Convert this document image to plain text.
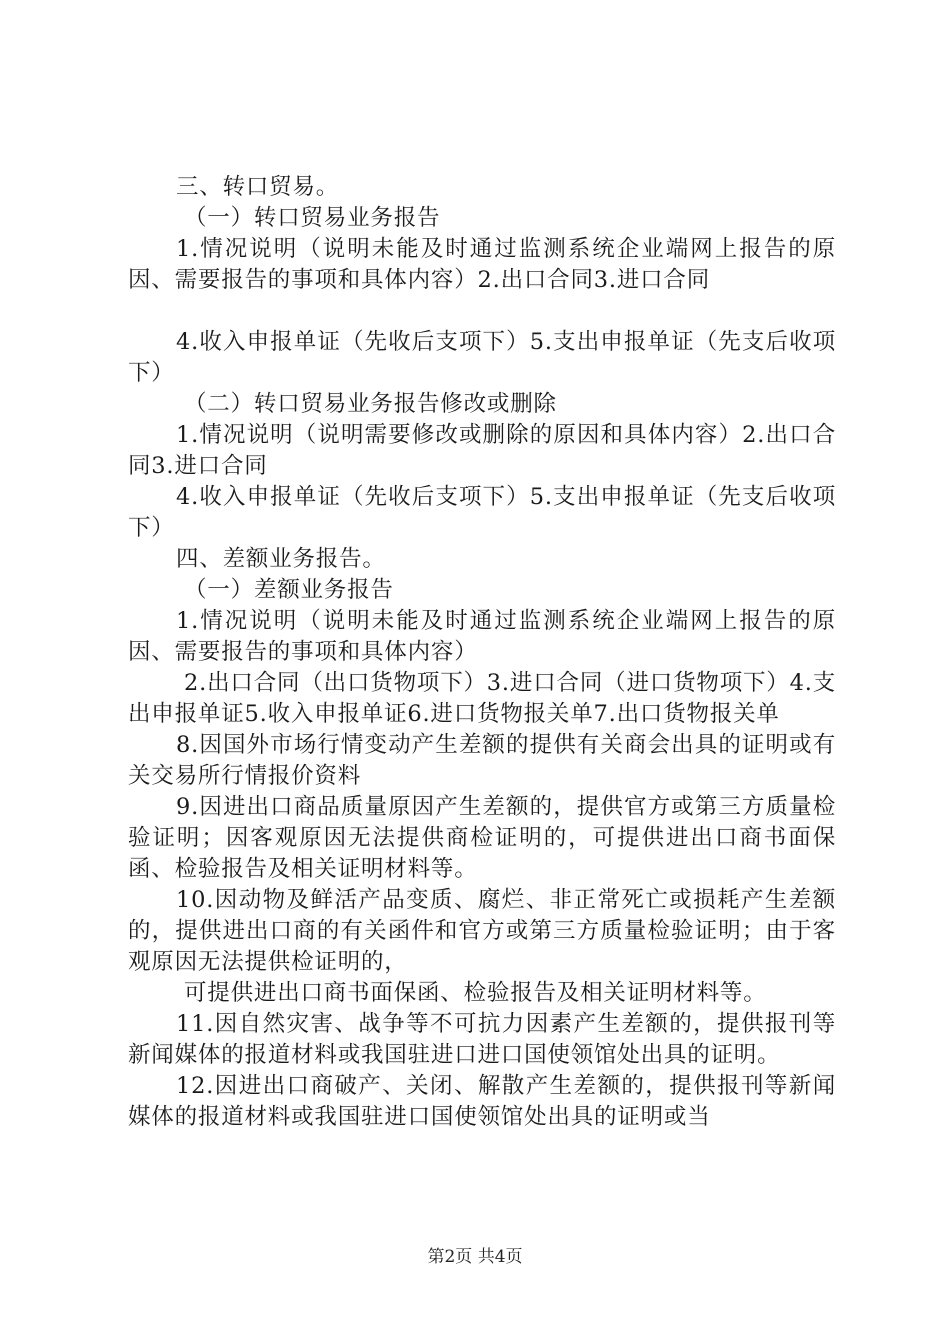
三、转口贸易。

（一）转口贸易业务报告

1.情况说明（说明未能及时通过监测系统企业端网上报告的原因、需要报告的事项和具体内容）2.出口合同3.进口合同

4.收入申报单证（先收后支项下）5.支出申报单证（先支后收项下）

（二）转口贸易业务报告修改或删除

1.情况说明（说明需要修改或删除的原因和具体内容）2.出口合同3.进口合同

4.收入申报单证（先收后支项下）5.支出申报单证（先支后收项下）

四、差额业务报告。

（一）差额业务报告

1.情况说明（说明未能及时通过监测系统企业端网上报告的原因、需要报告的事项和具体内容）

2.出口合同（出口货物项下）3.进口合同（进口货物项下）4.支出申报单证5.收入申报单证6.进口货物报关单7.出口货物报关单

8.因国外市场行情变动产生差额的提供有关商会出具的证明或有关交易所行情报价资料

9.因进出口商品质量原因产生差额的，提供官方或第三方质量检验证明；因客观原因无法提供商检证明的，可提供进出口商书面保函、检验报告及相关证明材料等。

10.因动物及鲜活产品变质、腐烂、非正常死亡或损耗产生差额的，提供进出口商的有关函件和官方或第三方质量检验证明；由于客观原因无法提供检证明的，

可提供进出口商书面保函、检验报告及相关证明材料等。

11.因自然灾害、战争等不可抗力因素产生差额的，提供报刊等新闻媒体的报道材料或我国驻进口进口国使领馆处出具的证明。

12.因进出口商破产、关闭、解散产生差额的，提供报刊等新闻媒体的报道材料或我国驻进口国使领馆处出具的证明或当

第2页 共4页
